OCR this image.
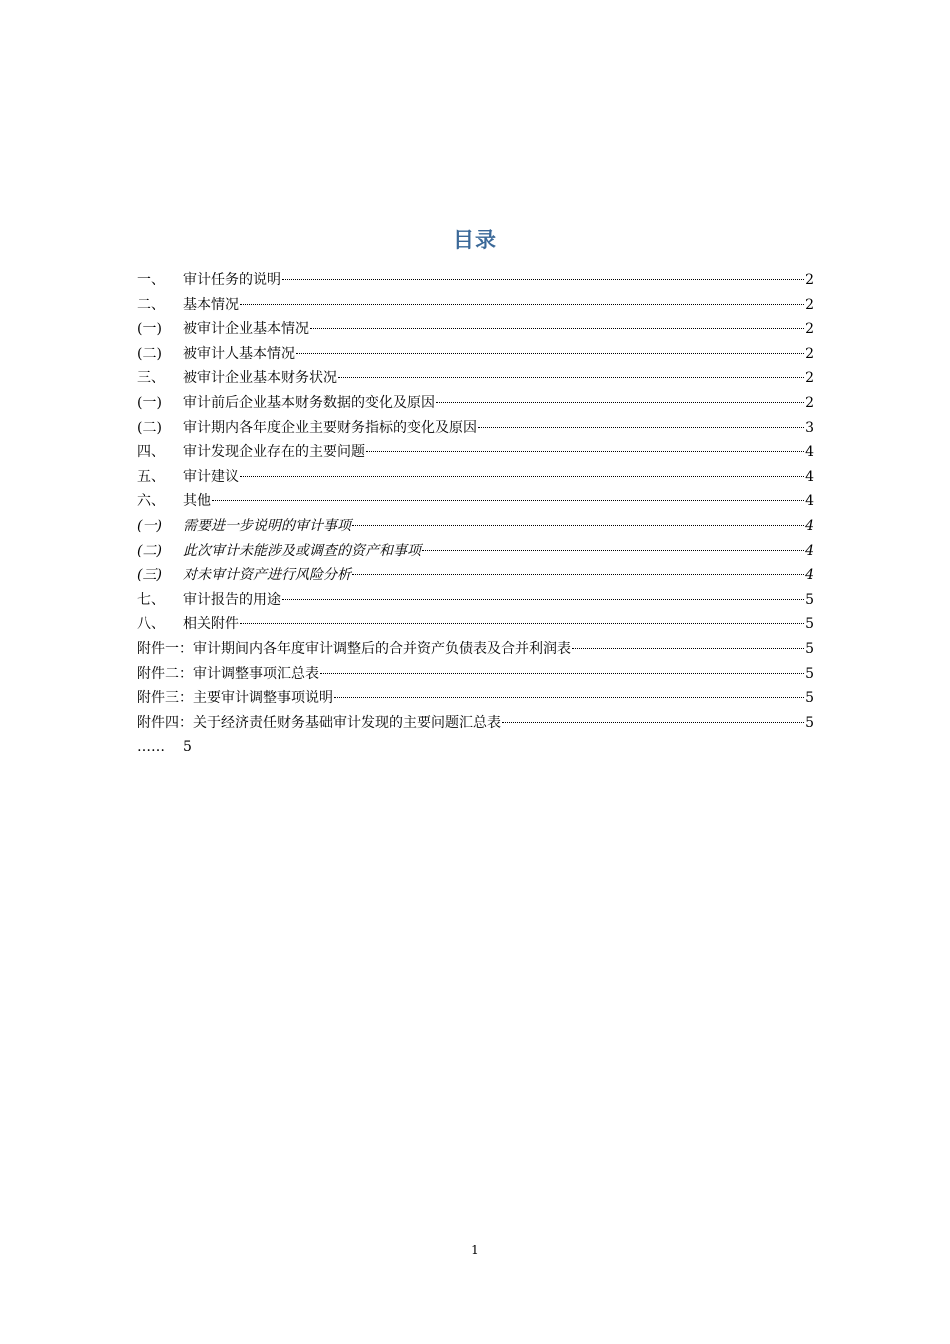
目录
一、	审计任务的说明	2
二、	基本情况	2
(一)	被审计企业基本情况	2
(二)	被审计人基本情况	2
三、	被审计企业基本财务状况	2
(一)	审计前后企业基本财务数据的变化及原因	2
(二)	审计期内各年度企业主要财务指标的变化及原因	3
四、	审计发现企业存在的主要问题	4
五、	审计建议	4
六、	其他	4
(一)	需要进一步说明的审计事项	4
(二)	此次审计未能涉及或调查的资产和事项	4
(三)	对未审计资产进行风险分析	4
七、	审计报告的用途	5
八、	相关附件	5
附件一：审计期间内各年度审计调整后的合并资产负债表及合并利润表	5
附件二：审计调整事项汇总表	5
附件三：主要审计调整事项说明	5
附件四：关于经济责任财务基础审计发现的主要问题汇总表	5
……	5
1
